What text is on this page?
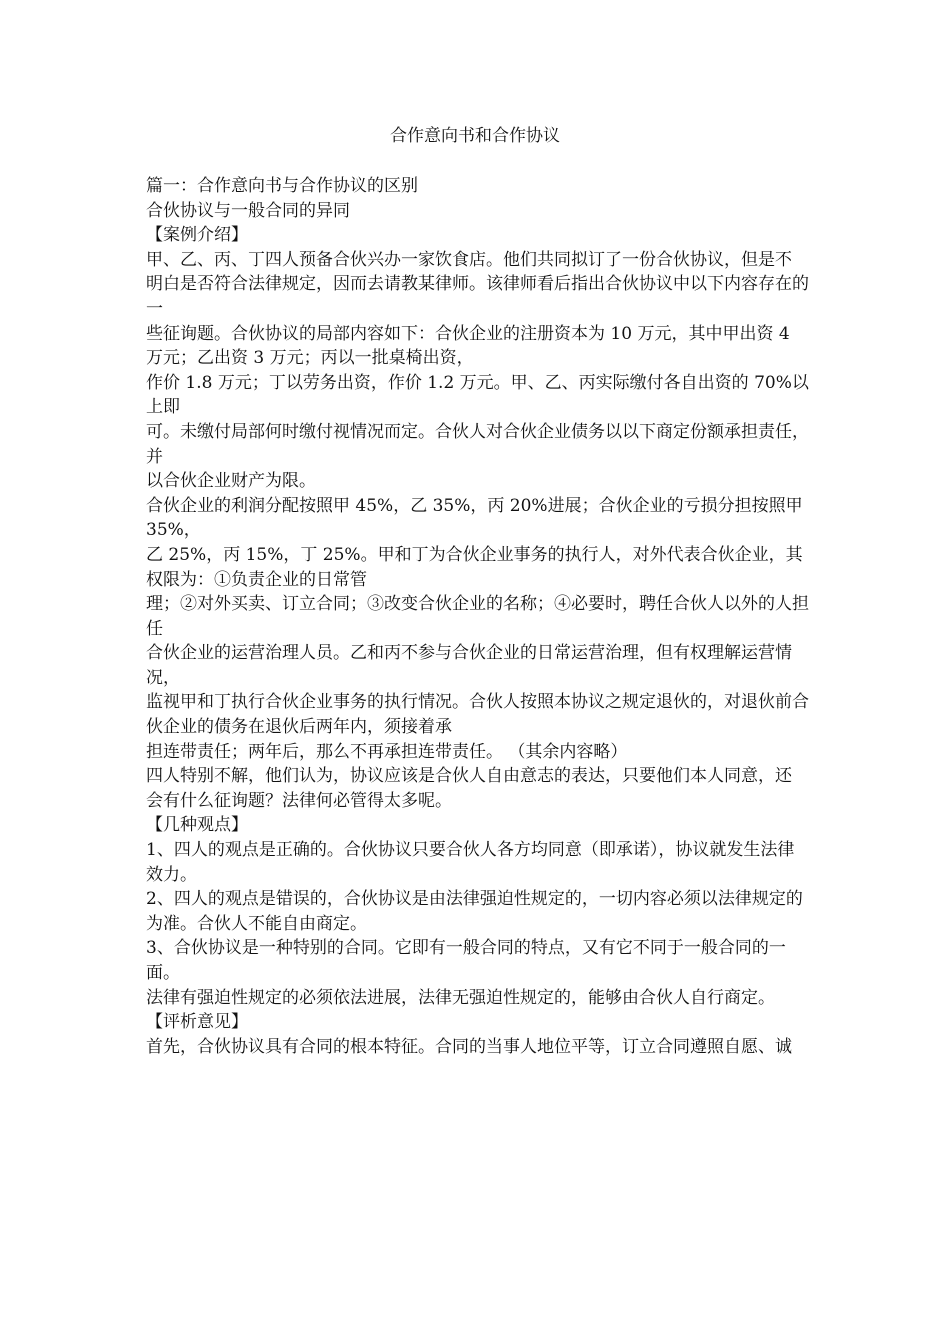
合作意向书和合作协议

篇一：合作意向书与合作协议的区别

合伙协议与一般合同的异同

【案例介绍】

甲、乙、丙、丁四人预备合伙兴办一家饮食店。他们共同拟订了一份合伙协议，但是不

明白是否符合法律规定，因而去请教某律师。该律师看后指出合伙协议中以下内容存在的一

些征询题。合伙协议的局部内容如下：合伙企业的注册资本为 10 万元，其中甲出资 4 万元；乙出资 3 万元；丙以一批桌椅出资，

作价 1.8 万元；丁以劳务出资，作价 1.2 万元。甲、乙、丙实际缴付各自出资的 70%以上即

可。未缴付局部何时缴付视情况而定。合伙人对合伙企业债务以以下商定份额承担责任，并

以合伙企业财产为限。

合伙企业的利润分配按照甲 45%，乙 35%，丙 20%进展；合伙企业的亏损分担按照甲 35%，

乙 25%，丙 15%，丁 25%。甲和丁为合伙企业事务的执行人，对外代表合伙企业，其权限为：①负责企业的日常管

理；②对外买卖、订立合同；③改变合伙企业的名称；④必要时，聘任合伙人以外的人担任

合伙企业的运营治理人员。乙和丙不参与合伙企业的日常运营治理，但有权理解运营情况，

监视甲和丁执行合伙企业事务的执行情况。合伙人按照本协议之规定退伙的，对退伙前合伙企业的债务在退伙后两年内，须接着承

担连带责任；两年后，那么不再承担连带责任。 （其余内容略）

四人特别不解，他们认为，协议应该是合伙人自由意志的表达，只要他们本人同意，还

会有什么征询题？法律何必管得太多呢。

【几种观点】

1、四人的观点是正确的。合伙协议只要合伙人各方均同意（即承诺），协议就发生法律

效力。

2、四人的观点是错误的，合伙协议是由法律强迫性规定的，一切内容必须以法律规定的

为准。合伙人不能自由商定。

3、合伙协议是一种特别的合同。它即有一般合同的特点，又有它不同于一般合同的一面。

法律有强迫性规定的必须依法进展，法律无强迫性规定的，能够由合伙人自行商定。

【评析意见】

首先，合伙协议具有合同的根本特征。合同的当事人地位平等，订立合同遵照自愿、诚
